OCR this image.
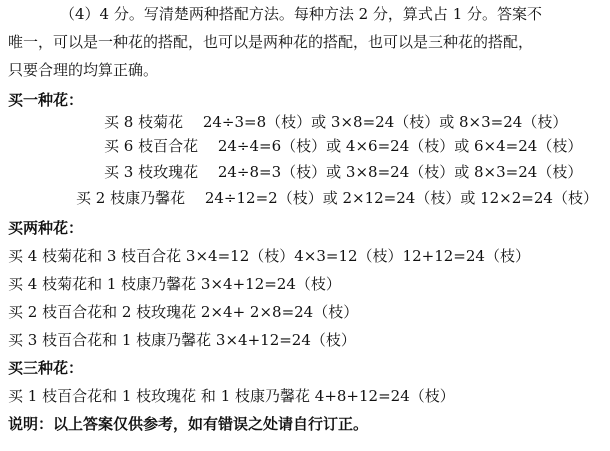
（4）4 分。写清楚两种搭配方法。每种方法 2 分，算式占 1 分。答案不
唯一，可以是一种花的搭配，也可以是两种花的搭配，也可以是三种花的搭配，
只要合理的均算正确。
买一种花：
买 8 枝菊花　 24÷3=8（枝）或 3×8=24（枝）或 8×3=24（枝）
买 6 枝百合花　 24÷4=6（枝）或 4×6=24（枝）或 6×4=24（枝）
买 3 枝玫瑰花　 24÷8=3（枝）或 3×8=24（枝）或 8×3=24（枝）
买 2 枝康乃馨花　 24÷12=2（枝）或 2×12=24（枝）或 12×2=24（枝）
买两种花：
买 4 枝菊花和 3 枝百合花 3×4=12（枝）4×3=12（枝）12+12=24（枝）
买 4 枝菊花和 1 枝康乃馨花 3×4+12=24（枝）
买 2 枝百合花和 2 枝玫瑰花 2×4+ 2×8=24（枝）
买 3 枝百合花和 1 枝康乃馨花 3×4+12=24（枝）
买三种花：
买 1 枝百合花和 1 枝玫瑰花 和 1 枝康乃馨花 4+8+12=24（枝）
说明：以上答案仅供参考，如有错误之处请自行订正。
